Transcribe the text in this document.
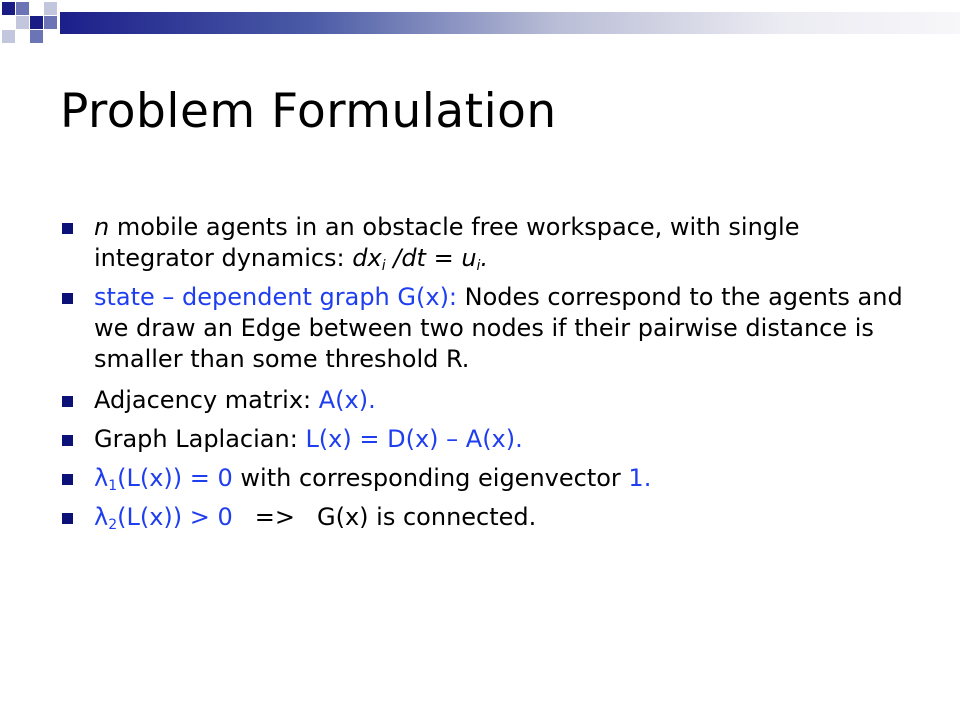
Problem Formulation
n mobile agents in an obstacle free workspace, with single integrator dynamics: $dx_i$ $/dt = u_i$.
state – dependent graph G(x): Nodes correspond to the agents and we draw an Edge between two nodes if their pairwise distance is smaller than some threshold R.
Adjacency matrix: A(x).
Graph Laplacian: L(x) = D(x) – A(x).
$\lambda_1(L(x)) = 0$ with corresponding eigenvector 1.
$\lambda_2(L(x)) > 0 => G(x)$ is connected.
